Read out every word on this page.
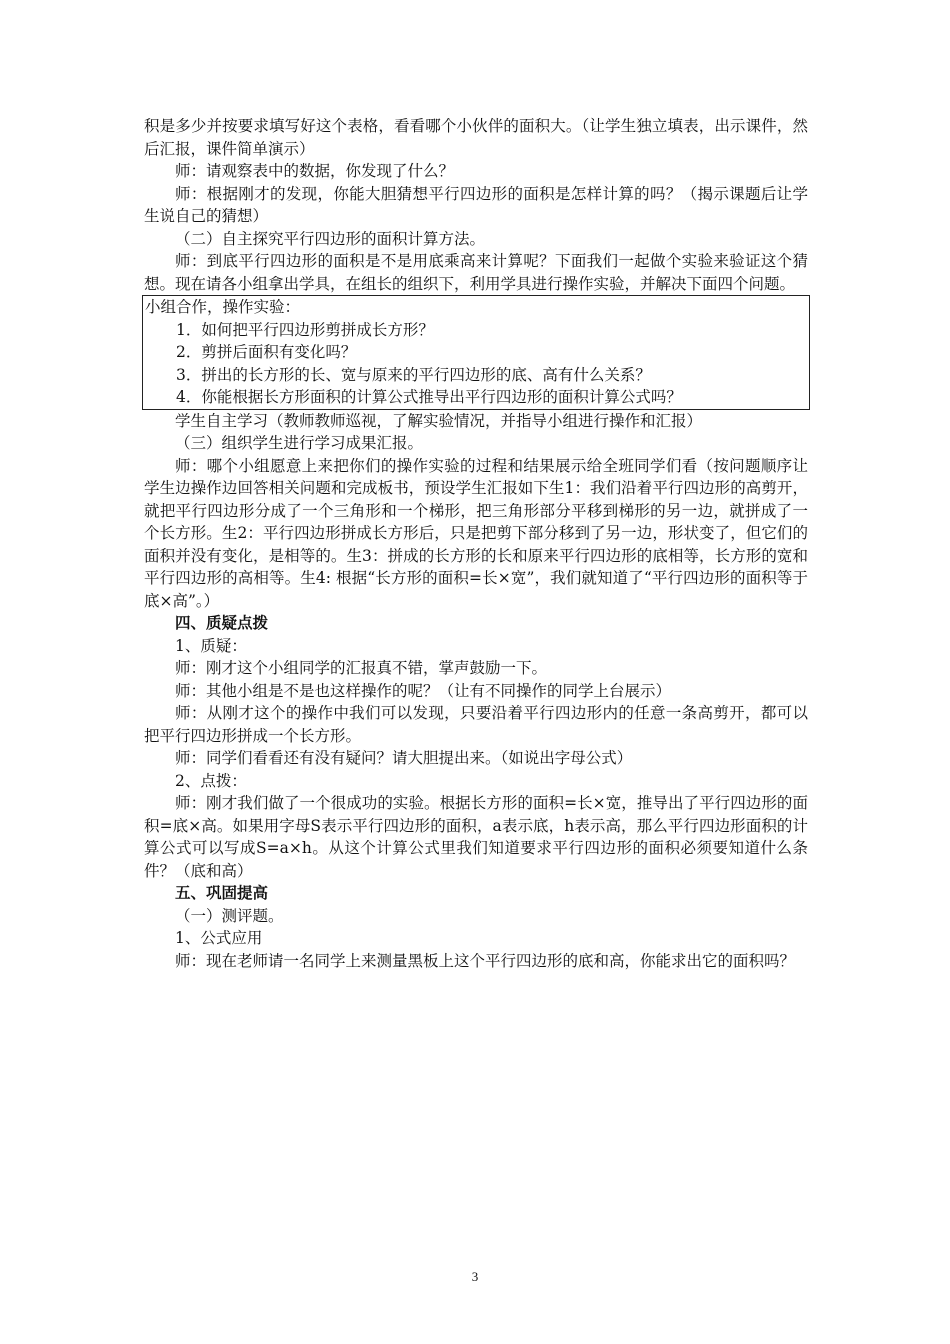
积是多少并按要求填写好这个表格，看看哪个小伙伴的面积大。（让学生独立填表，出示课件，然后汇报，课件简单演示）

师：请观察表中的数据，你发现了什么？

师：根据刚才的发现，你能大胆猜想平行四边形的面积是怎样计算的吗？（揭示课题后让学生说自己的猜想）

（二）自主探究平行四边形的面积计算方法。

师：到底平行四边形的面积是不是用底乘高来计算呢？下面我们一起做个实验来验证这个猜想。现在请各小组拿出学具，在组长的组织下，利用学具进行操作实验，并解决下面四个问题。

小组合作，操作实验：

1．如何把平行四边形剪拼成长方形？

2．剪拼后面积有变化吗？

3．拼出的长方形的长、宽与原来的平行四边形的底、高有什么关系？

4．你能根据长方形面积的计算公式推导出平行四边形的面积计算公式吗？

学生自主学习（教师教师巡视，了解实验情况，并指导小组进行操作和汇报）

（三）组织学生进行学习成果汇报。

师：哪个小组愿意上来把你们的操作实验的过程和结果展示给全班同学们看（按问题顺序让学生边操作边回答相关问题和完成板书，预设学生汇报如下生1：我们沿着平行四边形的高剪开，就把平行四边形分成了一个三角形和一个梯形，把三角形部分平移到梯形的另一边，就拼成了一个长方形。生2：平行四边形拼成长方形后，只是把剪下部分移到了另一边，形状变了，但它们的面积并没有变化，是相等的。生3：拼成的长方形的长和原来平行四边形的底相等，长方形的宽和平行四边形的高相等。生4: 根据“长方形的面积=长×宽”，我们就知道了“平行四边形的面积等于底×高”。）

四、质疑点拨

1、质疑：

师：刚才这个小组同学的汇报真不错，掌声鼓励一下。

师：其他小组是不是也这样操作的呢？（让有不同操作的同学上台展示）

师：从刚才这个的操作中我们可以发现，只要沿着平行四边形内的任意一条高剪开，都可以把平行四边形拼成一个长方形。

师：同学们看看还有没有疑问？请大胆提出来。（如说出字母公式）

2、点拨：

师：刚才我们做了一个很成功的实验。根据长方形的面积=长×宽，推导出了平行四边形的面积=底×高。如果用字母S表示平行四边形的面积，a表示底，h表示高，那么平行四边形面积的计算公式可以写成S=a×h。从这个计算公式里我们知道要求平行四边形的面积必须要知道什么条件？（底和高）

五、巩固提高

（一）测评题。

1、公式应用

师：现在老师请一名同学上来测量黑板上这个平行四边形的底和高，你能求出它的面积吗？

3
